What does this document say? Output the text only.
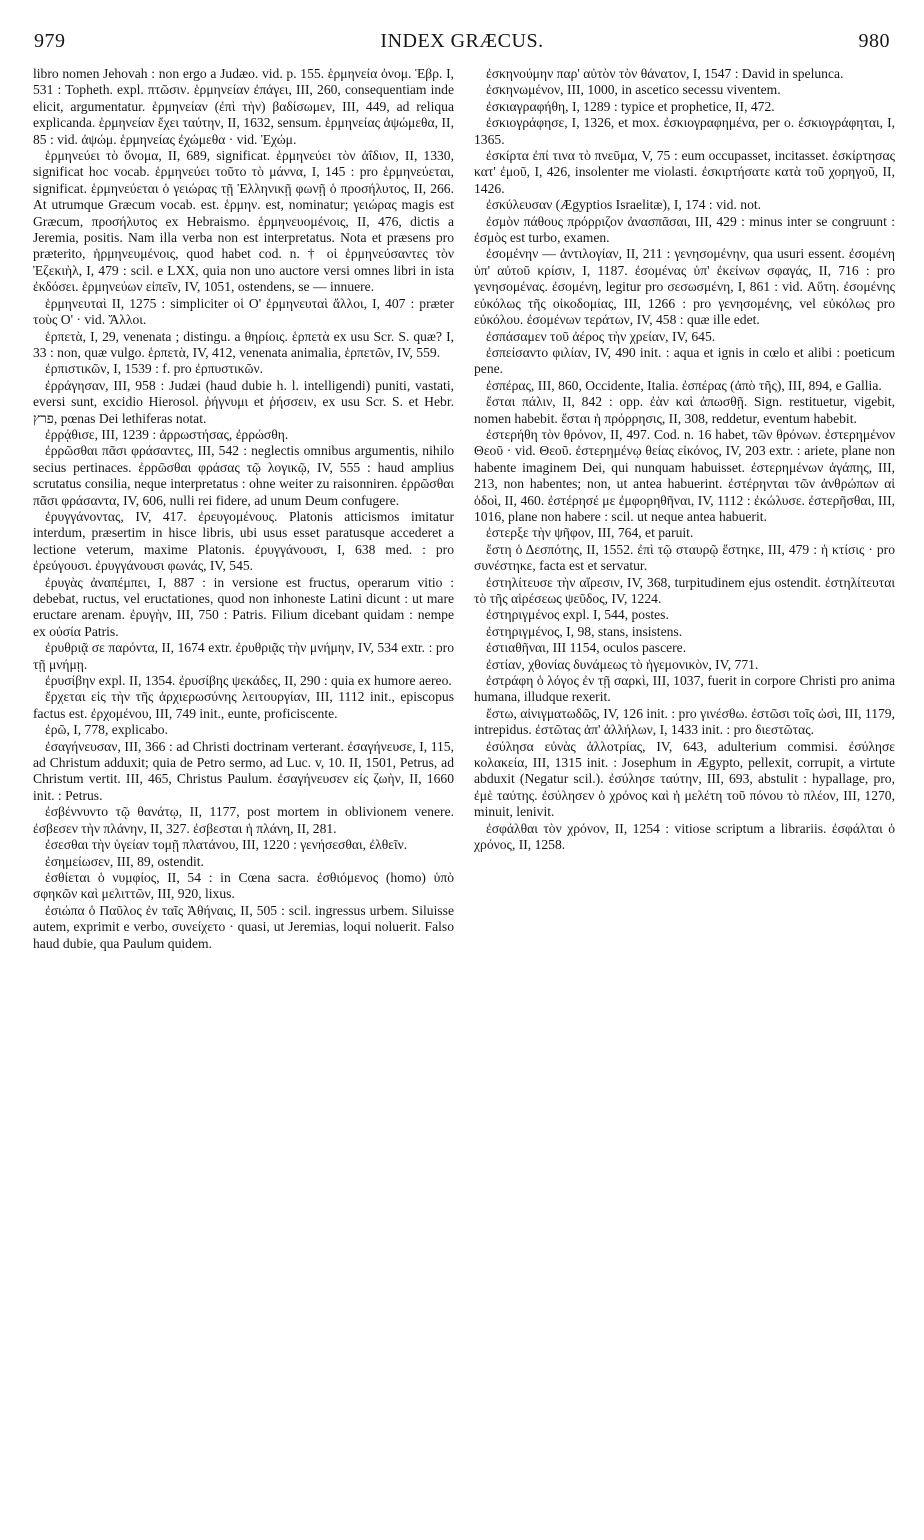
979	INDEX GRÆCUS.	980

libro nomen Jehovah : non ergo a Judæo. vid. p. 155. ἑρμηνεία ὀνομ. Ἑβρ. I, 531 : Topheth. expl. πτῶσιν. ἑρμηνείαν ἐπάγει, III, 260, consequentiam inde elicit, argumentatur. ἑρμηνείαν (ἐπὶ τὴν) βαδίσωμεν, III, 449, ad reliqua explicanda. ἑρμηνείαν ἔχει ταύτην, II, 1632, sensum. ἑρμηνείας ἀψώμεθα, II, 85 : vid. ἀψώμ. ἑρμηνείας ἐχώμεθα · vid. Ἐχώμ.

ἑρμηνεύει τὸ ὄνομα, II, 689, significat. ἑρμηνεύει τὸν ἀΐδιον, II, 1330, significat hoc vocab. ἑρμηνεύει τοῦτο τὸ μάννα, I, 145 : pro ἑρμηνεύεται, significat. ἑρμηνεύεται ὁ γειώρας τῇ Ἑλληνικῇ φωνῇ ὁ προσήλυτος, II, 266. At utrumque Græcum vocab. est. ἑρμην. est, nominatur; γειώρας magis est Græcum, προσήλυτος ex Hebraismo. ἑρμηνευομένοις, II, 476, dictis a Jeremia, positis. Nam illa verba non est interpretatus. Nota et præsens pro præterito, ἡρμηνευμένοις, quod habet cod. n. † οἱ ἑρμηνεύσαντες τὸν Ἐζεκιὴλ, I, 479 : scil. e LXX, quia non uno auctore versi omnes libri in ista ἐκδόσει. ἑρμηνεύων εἰπεῖν, IV, 1051, ostendens, se — innuere.

ἑρμηνευταὶ II, 1275 : simpliciter οἱ Ο' ἑρμηνευταὶ ἄλλοι, I, 407 : præter τοὺς Ο' · vid. Ἄλλοι.

ἑρπετὰ, I, 29, venenata ; distingu. a θηρίοις. ἑρπετὰ ex usu Scr. S. quæ? I, 33 : non, quæ vulgo. ἑρπετὰ, IV, 412, venenata animalia, ἑρπετῶν, IV, 559.

ἐρπιστικῶν, I, 1539 : f. pro ἐρπυστικῶν.

ἐρράγησαν, III, 958 : Judæi (haud dubie h. l. intelligendi) puniti, vastati, eversi sunt, excidio Hierosol. ῥήγνυμι et ῥήσσειν, ex usu Scr. S. et Hebr. פרץ, pœnas Dei lethiferas notat.

ἐρρᾴθισε, III, 1239 : ἀρρωστήσας, ἐρρώσθη.

ἐρρῶσθαι πᾶσι φράσαντες, III, 542 : neglectis omnibus argumentis, nihilo secius pertinaces. ἐρρῶσθαι φράσας τῷ λογικῷ, IV, 555 : haud amplius scrutatus consilia, neque interpretatus : ohne weiter zu raisonniren. ἐρρῶσθαι πᾶσι φράσαντα, IV, 606, nulli rei fidere, ad unum Deum confugere.

ἐρυγγάνοντας, IV, 417. ἐρευγομένους. Platonis atticismos imitatur interdum, præsertim in hisce libris, ubi usus esset paratusque accederet a lectione veterum, maxime Platonis. ἐρυγγάνουσι, I, 638 med. : pro ἐρεύγουσι. ἐρυγγάνουσι φωνάς, IV, 545.

ἐρυγὰς ἀναπέμπει, I, 887 : in versione est fructus, operarum vitio : debebat, ructus, vel eructationes, quod non inhoneste Latini dicunt : ut mare eructare arenam. ἐρυγὴν, III, 750 : Patris. Filium dicebant quidam : nempe ex οὐσία Patris.

ἐρυθριᾷ σε παρόντα, II, 1674 extr. ἐρυθριᾷς τὴν μνήμην, IV, 534 extr. : pro τῇ μνήμῃ.

ἐρυσίβην expl. II, 1354. ἐρυσίβης ψεκάδες, II, 290 : quia ex humore aereo.

ἔρχεται εἰς τὴν τῆς ἀρχιερωσύνης λειτουργίαν, III, 1112 init., episcopus factus est. ἐρχομένου, III, 749 init., eunte, proficiscente.

ἐρῶ, I, 778, explicabo.

ἐσαγήνευσαν, III, 366 : ad Christi doctrinam verterant. ἐσαγήνευσε, I, 115, ad Christum adduxit; quia de Petro sermo, ad Luc. v, 10. II, 1501, Petrus, ad Christum vertit. III, 465, Christus Paulum. ἐσαγήνευσεν εἰς ζωὴν, II, 1660 init. : Petrus.

ἐσβέννυντο τῷ θανάτῳ, II, 1177, post mortem in oblivionem venere. ἐσβεσεν τὴν πλάνην, II, 327. ἐσβεσται ἡ πλάνη, II, 281.

ἐσεσθαι τὴν ὑγείαν τομῇ πλατάνου, III, 1220 : γενήσεσθαι, ἐλθεῖν.

ἐσημείωσεν, III, 89, ostendit.

ἐσθίεται ὁ νυμφίος, II, 54 : in Cœna sacra. ἐσθιόμενος (homo) ὑπὸ σφηκῶν καὶ μελιττῶν, III, 920, lixus.

ἐσιώπα ὁ Παῦλος ἐν ταῖς Ἀθήναις, II, 505 : scil. ingressus urbem. Siluisse autem, exprimit e verbo, συνείχετο · quasi, ut Jeremias, loqui noluerit. Falso haud dubie, qua Paulum quidem.

ἐσκηνούμην παρ' αὐτὸν τὸν θάνατον, I, 1547 : David in spelunca.

ἐσκηνωμένον, III, 1000, in ascetico secessu viventem.

ἐσκιαγραφήθη, I, 1289 : typice et prophetice, II, 472.

ἐσκιογράφησε, I, 1326, et mox. ἐσκιογραφημένα, per o. ἐσκιογράφηται, I, 1365.

ἐσκίρτα ἐπί τινα τὸ πνεῦμα, V, 75 : eum occupasset, incitasset. ἐσκίρτησας κατ' ἐμοῦ, I, 426, insolenter me violasti. ἐσκιρτήσατε κατὰ τοῦ χορηγοῦ, II, 1426.

ἐσκύλευσαν (Ægyptios Israelitæ), I, 174 : vid. not.

ἐσμὸν πάθους πρόρριζον ἀνασπᾶσαι, III, 429 : minus inter se congruunt : ἐσμὸς est turbo, examen.

ἐσομένην — ἀντιλογίαν, II, 211 : γενησομένην, qua usuri essent. ἐσομένη ὑπ' αὐτοῦ κρίσιν, I, 1187. ἐσομένας ὑπ' ἐκείνων σφαγάς, II, 716 : pro γενησομένας. ἐσομένη, legitur pro σεσωσμένη, I, 861 : vid. Αὕτη. ἐσομένης εὐκόλως τῆς οἰκοδομίας, III, 1266 : pro γενησομένης, vel εὐκόλως pro εὐκόλου. ἐσομένων τεράτων, IV, 458 : quæ ille edet.

ἐσπάσαμεν τοῦ ἀέρος τὴν χρείαν, IV, 645.

ἐσπείσαντο φιλίαν, IV, 490 init. : aqua et ignis in cœlo et alibi : poeticum pene.

ἐσπέρας, III, 860, Occidente, Italia. ἐσπέρας (ἀπὸ τῆς), III, 894, e Gallia.

ἔσται πάλιν, II, 842 : opp. ἐὰν καὶ ἀπωσθῇ. Sign. restituetur, vigebit, nomen habebit. ἔσται ἡ πρόρρησις, II, 308, reddetur, eventum habebit.

ἐστερήθη τὸν θρόνον, II, 497. Cod. n. 16 habet, τῶν θρόνων. ἐστερημένον Θεοῦ · vid. Θεοῦ. ἐστερημένῳ θείας εἰκόνος, IV, 203 extr. : ariete, plane non habente imaginem Dei, qui nunquam habuisset. ἐστερημένων ἀγάπης, III, 213, non habentes; non, ut antea habuerint. ἐστέρηνται τῶν ἀνθρώπων αἱ ὁδοὶ, II, 460. ἐστέρησέ με ἐμφορηθῆναι, IV, 1112 : ἐκώλυσε. ἐστερῆσθαι, III, 1016, plane non habere : scil. ut neque antea habuerit.

ἐστερξε τὴν ψῆφον, III, 764, et paruit.

ἔστη ὁ Δεσπότης, II, 1552. ἐπὶ τῷ σταυρῷ ἔστηκε, III, 479 : ἡ κτίσις · pro συνέστηκε, facta est et servatur.

ἐστηλίτευσε τὴν αἵρεσιν, IV, 368, turpitudinem ejus ostendit. ἐστηλίτευται τὸ τῆς αἱρέσεως ψεῦδος, IV, 1224.

ἐστηριγμένος expl. I, 544, postes.

ἐστηριγμένος, I, 98, stans, insistens.

ἐστιαθῆναι, III 1154, oculos pascere.

ἐστίαν, χθονίας δυνάμεως τὸ ἡγεμονικὸν, IV, 771.

ἐστράφη ὁ λόγος ἐν τῇ σαρκὶ, III, 1037, fuerit in corpore Christi pro anima humana, illudque rexerit.

ἔστω, αἰνιγματωδῶς, IV, 126 init. : pro γινέσθω. ἐστῶσι τοῖς ὠσὶ, III, 1179, intrepidus. ἐστῶτας ἀπ' ἀλλήλων, I, 1433 init. : pro διεστῶτας.

ἐσύλησα εὐνὰς ἀλλοτρίας, IV, 643, adulterium commisi. ἐσύλησε κολακεία, III, 1315 init. : Josephum in Ægypto, pellexit, corrupit, a virtute abduxit (Negatur scil.). ἐσύλησε ταύτην, III, 693, abstulit : hypallage, pro, ἐμὲ ταύτης. ἐσύλησεν ὁ χρόνος καὶ ἡ μελέτη τοῦ πόνου τὸ πλέον, III, 1270, minuit, lenivit.

ἐσφάλθαι τὸν χρόνον, II, 1254 : vitiose scriptum a librariis. ἐσφάλται ὁ χρόνος, II, 1258.
